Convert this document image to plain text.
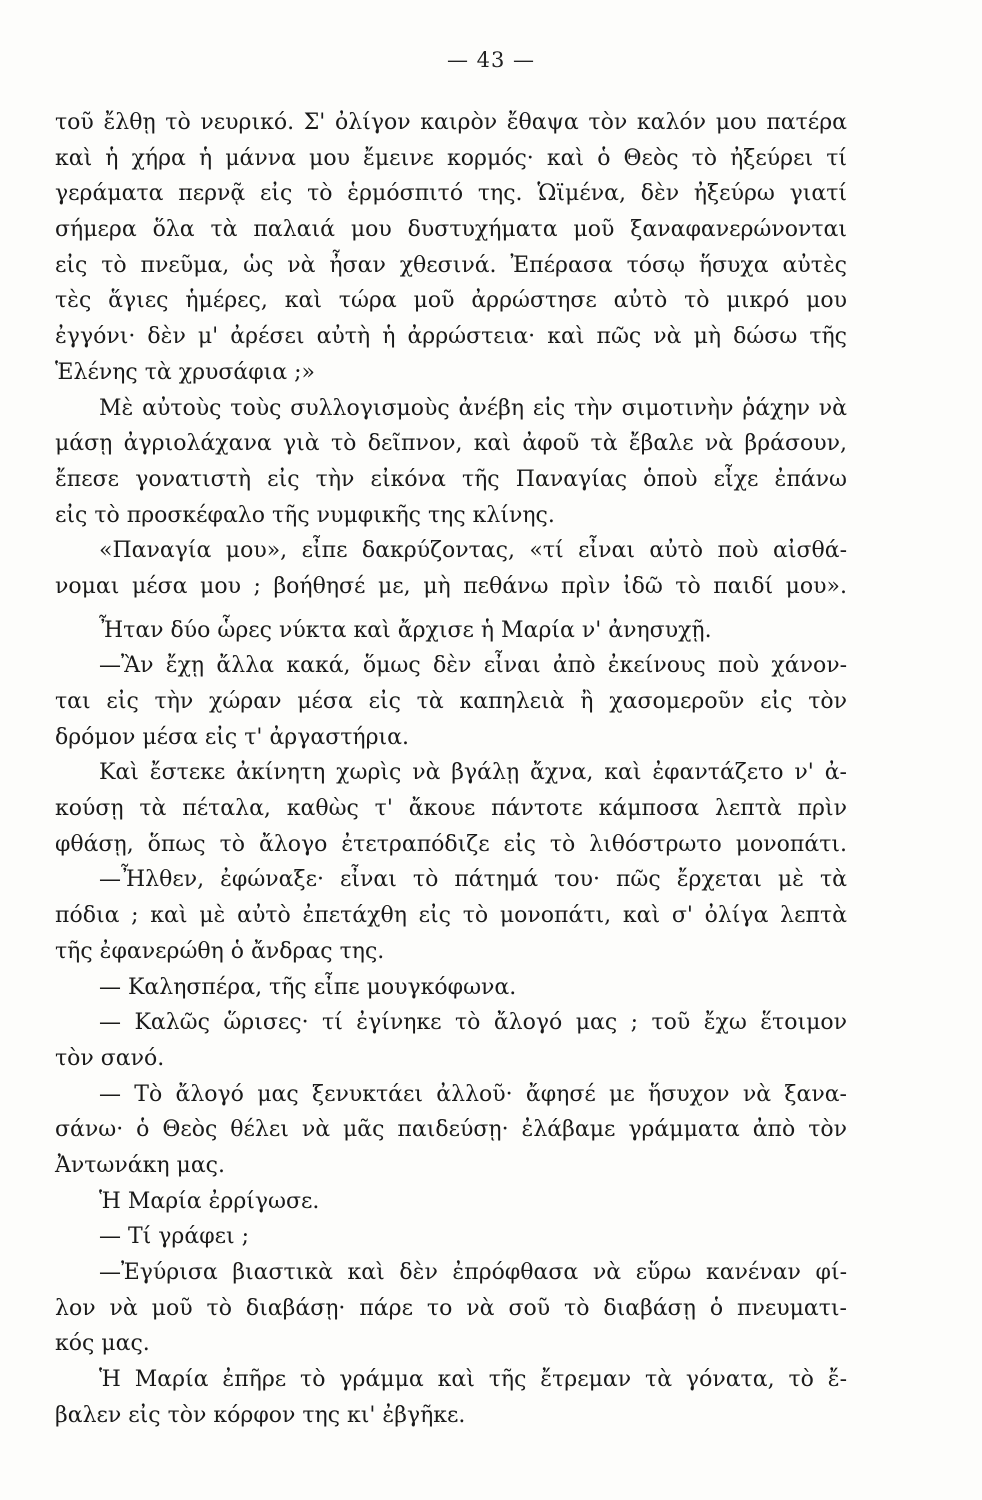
— 43 —
τοῦ ἔλθῃ τὸ νευρικό. Σ' ὀλίγον καιρὸν ἔθαψα τὸν καλόν μου πατέρα
καὶ ἡ χήρα ἡ μάννα μου ἔμεινε κορμός· καὶ ὁ Θεὸς τὸ ἠξεύρει τί
γεράματα περνᾷ εἰς τὸ ἑρμόσπιτό της. Ὡϊμένα, δὲν ἠξεύρω γιατί
σήμερα ὅλα τὰ παλαιά μου δυστυχήματα μοῦ ξαναφανερώνονται
εἰς τὸ πνεῦμα, ὡς νὰ ἦσαν χθεσινά. Ἐπέρασα τόσῳ ἥσυχα αὐτὲς
τὲς ἅγιες ἡμέρες, καὶ τώρα μοῦ ἀρρώστησε αὐτὸ τὸ μικρό μου
ἐγγόνι· δὲν μ' ἀρέσει αὐτὴ ἡ ἀρρώστεια· καὶ πῶς νὰ μὴ δώσω τῆς
Ἑλένης τὰ χρυσάφια ;»
Μὲ αὐτοὺς τοὺς συλλογισμοὺς ἀνέβη εἰς τὴν σιμοτινὴν ῥάχην νὰ
μάσῃ ἀγριολάχανα γιὰ τὸ δεῖπνον, καὶ ἀφοῦ τὰ ἔβαλε νὰ βράσουν,
ἔπεσε γονατιστὴ εἰς τὴν εἰκόνα τῆς Παναγίας ὁποὺ εἶχε ἐπάνω
εἰς τὸ προσκέφαλο τῆς νυμφικῆς της κλίνης.
«Παναγία μου», εἶπε δακρύζοντας, «τί εἶναι αὐτὸ ποὺ αἰσθά-
νομαι μέσα μου ; βοήθησέ με, μὴ πεθάνω πρὶν ἰδῶ τὸ παιδί μου».
Ἦταν δύο ὧρες νύκτα καὶ ἄρχισε ἡ Μαρία ν' ἀνησυχῇ.
—Ἂν ἔχῃ ἄλλα κακά, ὅμως δὲν εἶναι ἀπὸ ἐκείνους ποὺ χάνον-
ται εἰς τὴν χώραν μέσα εἰς τὰ καπηλειὰ ἢ χασομεροῦν εἰς τὸν
δρόμον μέσα εἰς τ' ἀργαστήρια.
Καὶ ἔστεκε ἀκίνητη χωρὶς νὰ βγάλῃ ἄχνα, καὶ ἐφαντάζετο ν' ἀ-
κούσῃ τὰ πέταλα, καθὼς τ' ἄκουε πάντοτε κάμποσα λεπτὰ πρὶν
φθάσῃ, ὅπως τὸ ἄλογο ἐτετραπόδιζε εἰς τὸ λιθόστρωτο μονοπάτι.
—Ἦλθεν, ἐφώναξε· εἶναι τὸ πάτημά του· πῶς ἔρχεται μὲ τὰ
πόδια ; καὶ μὲ αὐτὸ ἐπετάχθη εἰς τὸ μονοπάτι, καὶ σ' ὀλίγα λεπτὰ
τῆς ἐφανερώθη ὁ ἄνδρας της.
— Καλησπέρα, τῆς εἶπε μουγκόφωνα.
— Καλῶς ὥρισες· τί ἐγίνηκε τὸ ἄλογό μας ; τοῦ ἔχω ἕτοιμον
τὸν σανό.
— Τὸ ἄλογό μας ξενυκτάει ἀλλοῦ· ἄφησέ με ἥσυχον νὰ ξανα-
σάνω· ὁ Θεὸς θέλει νὰ μᾶς παιδεύσῃ· ἐλάβαμε γράμματα ἀπὸ τὸν
Ἀντωνάκη μας.
Ἡ Μαρία ἐρρίγωσε.
— Τί γράφει ;
—Ἐγύρισα βιαστικὰ καὶ δὲν ἐπρόφθασα νὰ εὕρω κανέναν φί-
λον νὰ μοῦ τὸ διαβάσῃ· πάρε το νὰ σοῦ τὸ διαβάσῃ ὁ πνευματι-
κός μας.
Ἡ Μαρία ἐπῆρε τὸ γράμμα καὶ τῆς ἔτρεμαν τὰ γόνατα, τὸ ἔ-
βαλεν εἰς τὸν κόρφον της κι' ἐβγῆκε.
